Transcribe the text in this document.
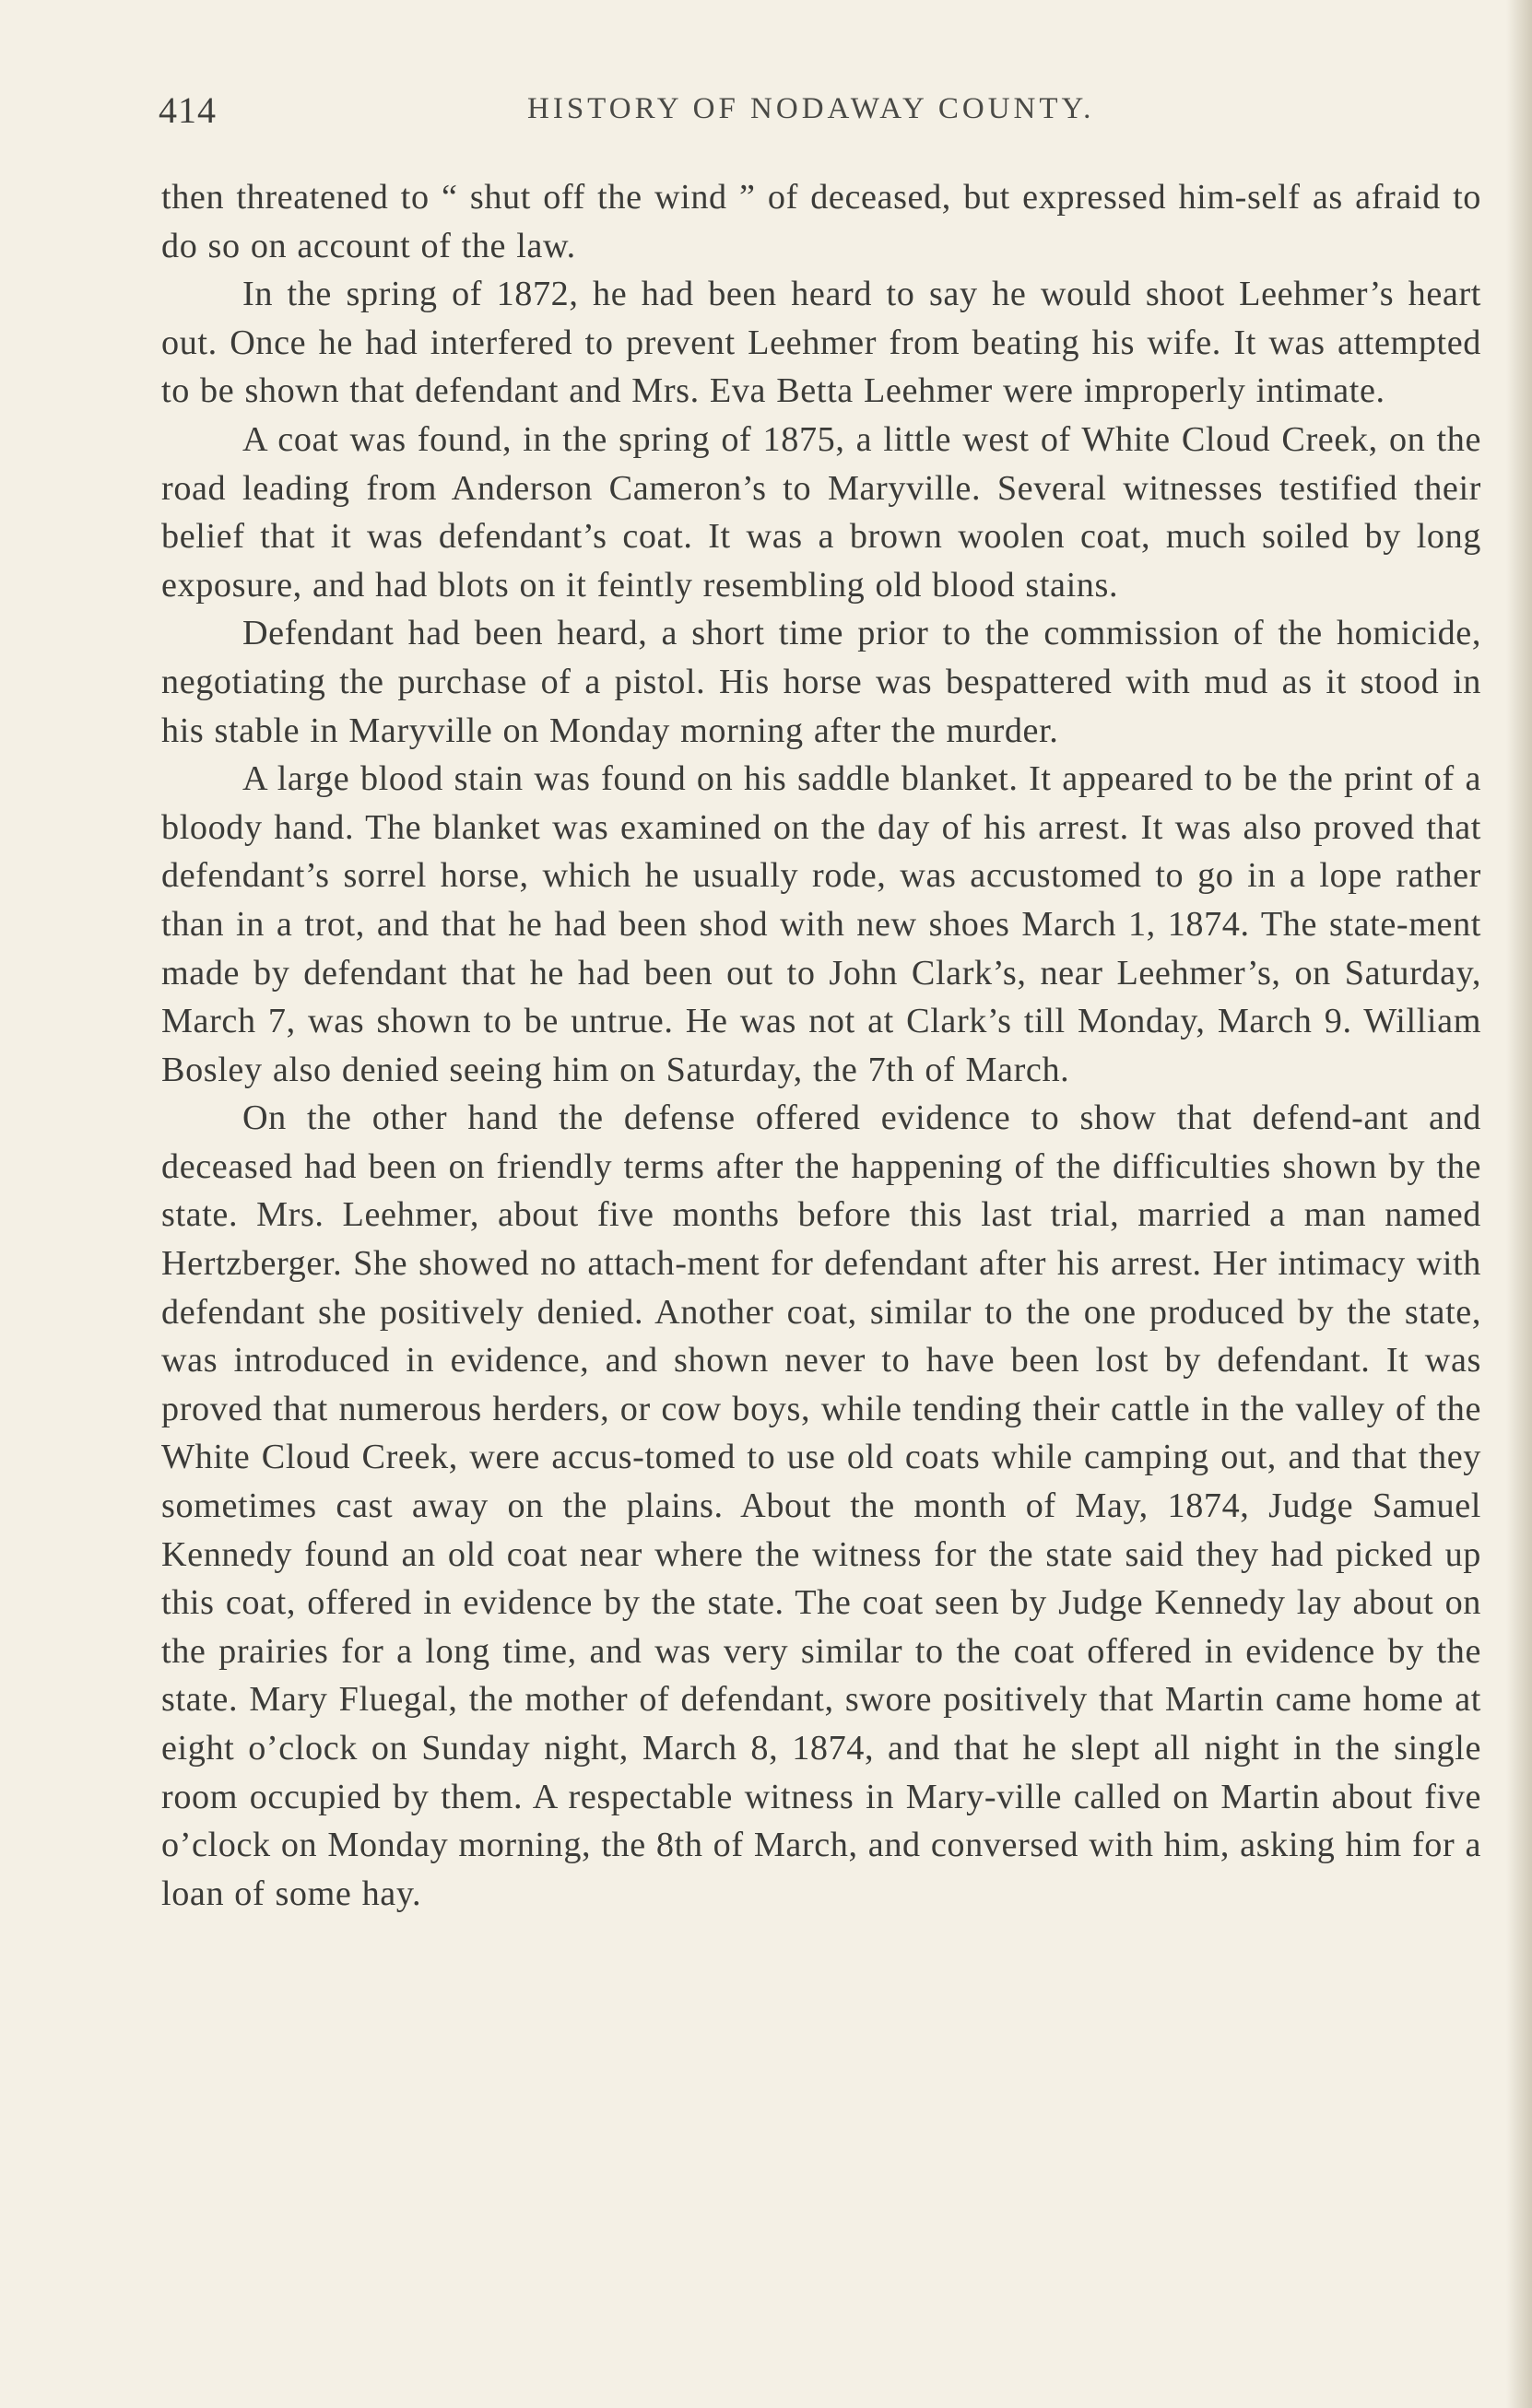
414	HISTORY OF NODAWAY COUNTY.

then threatened to “ shut off the wind ” of deceased, but expressed him-self as afraid to do so on account of the law.

In the spring of 1872, he had been heard to say he would shoot Leehmer’s heart out. Once he had interfered to prevent Leehmer from beating his wife. It was attempted to be shown that defendant and Mrs. Eva Betta Leehmer were improperly intimate.

A coat was found, in the spring of 1875, a little west of White Cloud Creek, on the road leading from Anderson Cameron’s to Maryville. Several witnesses testified their belief that it was defendant’s coat. It was a brown woolen coat, much soiled by long exposure, and had blots on it feintly resembling old blood stains.

Defendant had been heard, a short time prior to the commission of the homicide, negotiating the purchase of a pistol. His horse was bespattered with mud as it stood in his stable in Maryville on Monday morning after the murder.

A large blood stain was found on his saddle blanket. It appeared to be the print of a bloody hand. The blanket was examined on the day of his arrest. It was also proved that defendant’s sorrel horse, which he usually rode, was accustomed to go in a lope rather than in a trot, and that he had been shod with new shoes March 1, 1874. The state-ment made by defendant that he had been out to John Clark’s, near Leehmer’s, on Saturday, March 7, was shown to be untrue. He was not at Clark’s till Monday, March 9. William Bosley also denied seeing him on Saturday, the 7th of March.

On the other hand the defense offered evidence to show that defend-ant and deceased had been on friendly terms after the happening of the difficulties shown by the state. Mrs. Leehmer, about five months before this last trial, married a man named Hertzberger. She showed no attach-ment for defendant after his arrest. Her intimacy with defendant she positively denied. Another coat, similar to the one produced by the state, was introduced in evidence, and shown never to have been lost by defendant. It was proved that numerous herders, or cow boys, while tending their cattle in the valley of the White Cloud Creek, were accus-tomed to use old coats while camping out, and that they sometimes cast away on the plains. About the month of May, 1874, Judge Samuel Kennedy found an old coat near where the witness for the state said they had picked up this coat, offered in evidence by the state. The coat seen by Judge Kennedy lay about on the prairies for a long time, and was very similar to the coat offered in evidence by the state. Mary Fluegal, the mother of defendant, swore positively that Martin came home at eight o’clock on Sunday night, March 8, 1874, and that he slept all night in the single room occupied by them. A respectable witness in Mary-ville called on Martin about five o’clock on Monday morning, the 8th of March, and conversed with him, asking him for a loan of some hay.
